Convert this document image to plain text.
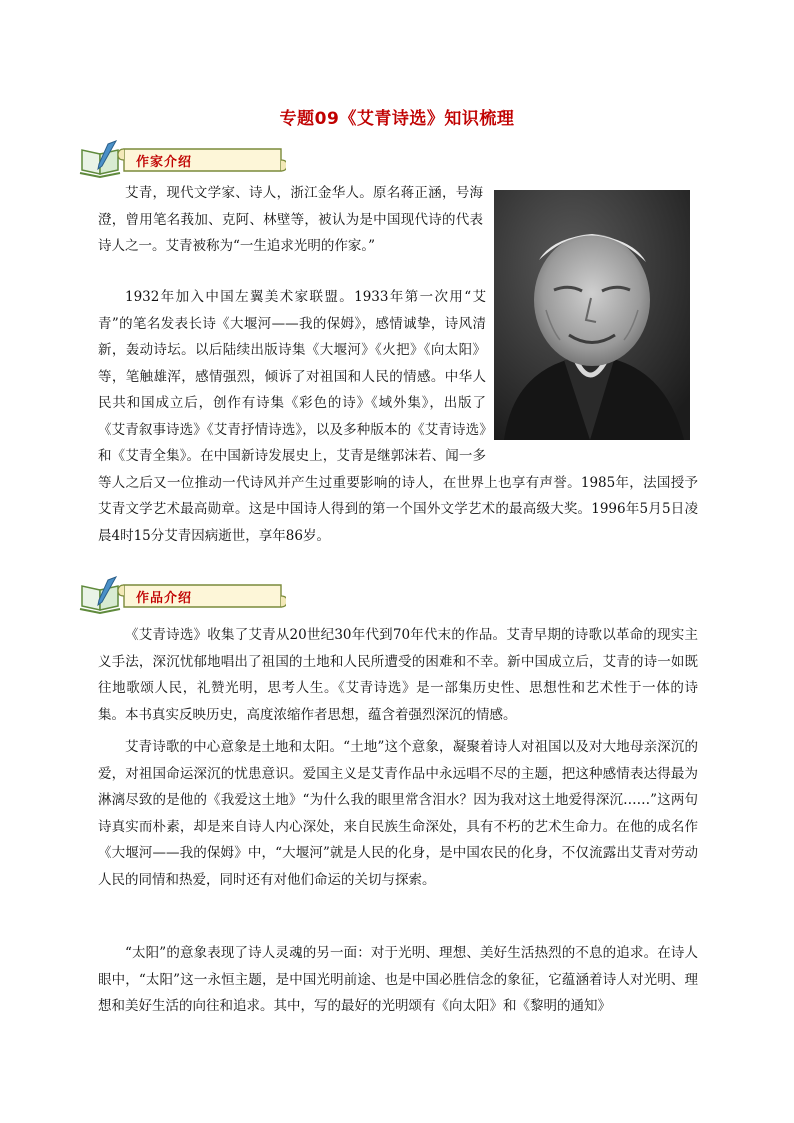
专题09《艾青诗选》知识梳理
作家介绍

艾青，现代文学家、诗人，浙江金华人。原名蒋正涵，号海澄，曾用笔名莪加、克阿、林壁等，被认为是中国现代诗的代表诗人之一。艾青被称为“一生追求光明的作家。”

1932年加入中国左翼美术家联盟。1933年第一次用“艾青”的笔名发表长诗《大堰河——我的保姆》，感情诚挚，诗风清新，轰动诗坛。以后陆续出版诗集《大堰河》《火把》《向太阳》等，笔触雄浑，感情强烈，倾诉了对祖国和人民的情感。中华人民共和国成立后，创作有诗集《彩色的诗》《域外集》，出版了《艾青叙事诗选》《艾青抒情诗选》，以及多种版本的《艾青诗选》和《艾青全集》。在中国新诗发展史上，艾青是继郭沫若、闻一多等人之后又一位推动一代诗风并产生过重要影响的诗人，在世界上也享有声誉。1985年，法国授予艾青文学艺术最高勋章。这是中国诗人得到的第一个国外文学艺术的最高级大奖。1996年5月5日凌晨4时15分艾青因病逝世，享年86岁。

作品介绍

《艾青诗选》收集了艾青从20世纪30年代到70年代末的作品。艾青早期的诗歌以革命的现实主义手法，深沉忧郁地唱出了祖国的土地和人民所遭受的困难和不幸。新中国成立后，艾青的诗一如既往地歌颂人民，礼赞光明，思考人生。《艾青诗选》是一部集历史性、思想性和艺术性于一体的诗集。本书真实反映历史，高度浓缩作者思想，蕴含着强烈深沉的情感。

艾青诗歌的中心意象是土地和太阳。“土地”这个意象，凝聚着诗人对祖国以及对大地母亲深沉的爱，对祖国命运深沉的忧患意识。爱国主义是艾青作品中永远唱不尽的主题，把这种感情表达得最为淋漓尽致的是他的《我爱这土地》“为什么我的眼里常含泪水？因为我对这土地爱得深沉……”这两句诗真实而朴素，却是来自诗人内心深处，来自民族生命深处，具有不朽的艺术生命力。在他的成名作《大堰河——我的保姆》中，“大堰河”就是人民的化身，是中国农民的化身，不仅流露出艾青对劳动人民的同情和热爱，同时还有对他们命运的关切与探索。

“太阳”的意象表现了诗人灵魂的另一面：对于光明、理想、美好生活热烈的不息的追求。在诗人眼中，“太阳”这一永恒主题，是中国光明前途、也是中国必胜信念的象征，它蕴涵着诗人对光明、理想和美好生活的向往和追求。其中，写的最好的光明颂有《向太阳》和《黎明的通知》
